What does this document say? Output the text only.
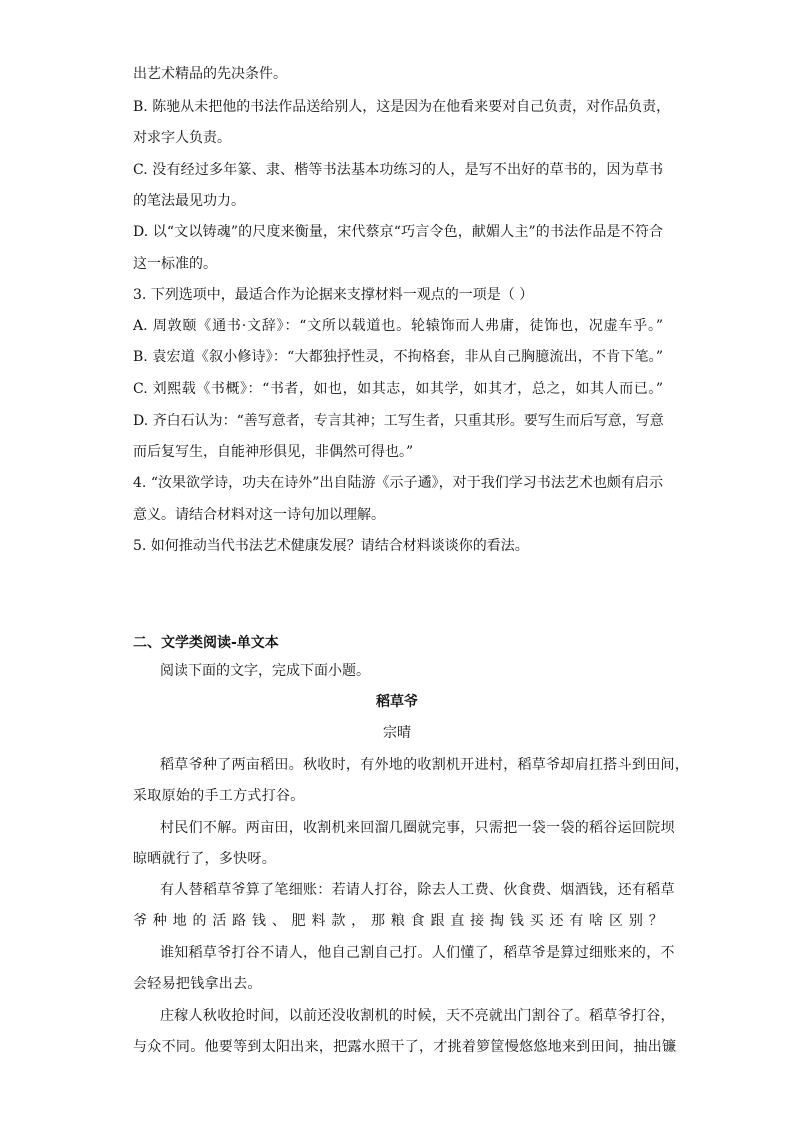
出艺术精品的先决条件。
B. 陈驰从未把他的书法作品送给别人，这是因为在他看来要对自己负责，对作品负责，
对求字人负责。
C. 没有经过多年篆、隶、楷等书法基本功练习的人，是写不出好的草书的，因为草书
的笔法最见功力。
D. 以“文以铸魂”的尺度来衡量，宋代蔡京“巧言令色，献媚人主”的书法作品是不符合
这一标准的。
3. 下列选项中，最适合作为论据来支撑材料一观点的一项是（ ）
A. 周敦颐《通书·文辞》：“文所以载道也。轮辕饰而人弗庸，徒饰也，况虚车乎。”
B. 袁宏道《叙小修诗》：“大都独抒性灵，不拘格套，非从自己胸臆流出，不肯下笔。”
C. 刘熙载《书概》：“书者，如也，如其志，如其学，如其才，总之，如其人而已。”
D. 齐白石认为：“善写意者，专言其神；工写生者，只重其形。要写生而后写意，写意
而后复写生，自能神形俱见，非偶然可得也。”
4. “汝果欲学诗，功夫在诗外”出自陆游《示子遹》，对于我们学习书法艺术也颇有启示
意义。请结合材料对这一诗句加以理解。
5. 如何推动当代书法艺术健康发展？请结合材料谈谈你的看法。
二、文学类阅读-单文本
阅读下面的文字，完成下面小题。
稻草爷
宗晴
稻草爷种了两亩稻田。秋收时，有外地的收割机开进村，稻草爷却肩扛搭斗到田间，
采取原始的手工方式打谷。
村民们不解。两亩田，收割机来回溜几圈就完事，只需把一袋一袋的稻谷运回院坝
晾晒就行了，多快呀。
有人替稻草爷算了笔细账：若请人打谷，除去人工费、伙食费、烟酒钱，还有稻草
爷种地的活路钱、肥料款，那粮食跟直接掏钱买还有啥区别？
谁知稻草爷打谷不请人，他自己割自己打。人们懂了，稻草爷是算过细账来的，不
会轻易把钱拿出去。
庄稼人秋收抢时间，以前还没收割机的时候，天不亮就出门割谷了。稻草爷打谷，
与众不同。他要等到太阳出来，把露水照干了，才挑着箩筐慢悠悠地来到田间，抽出镰
